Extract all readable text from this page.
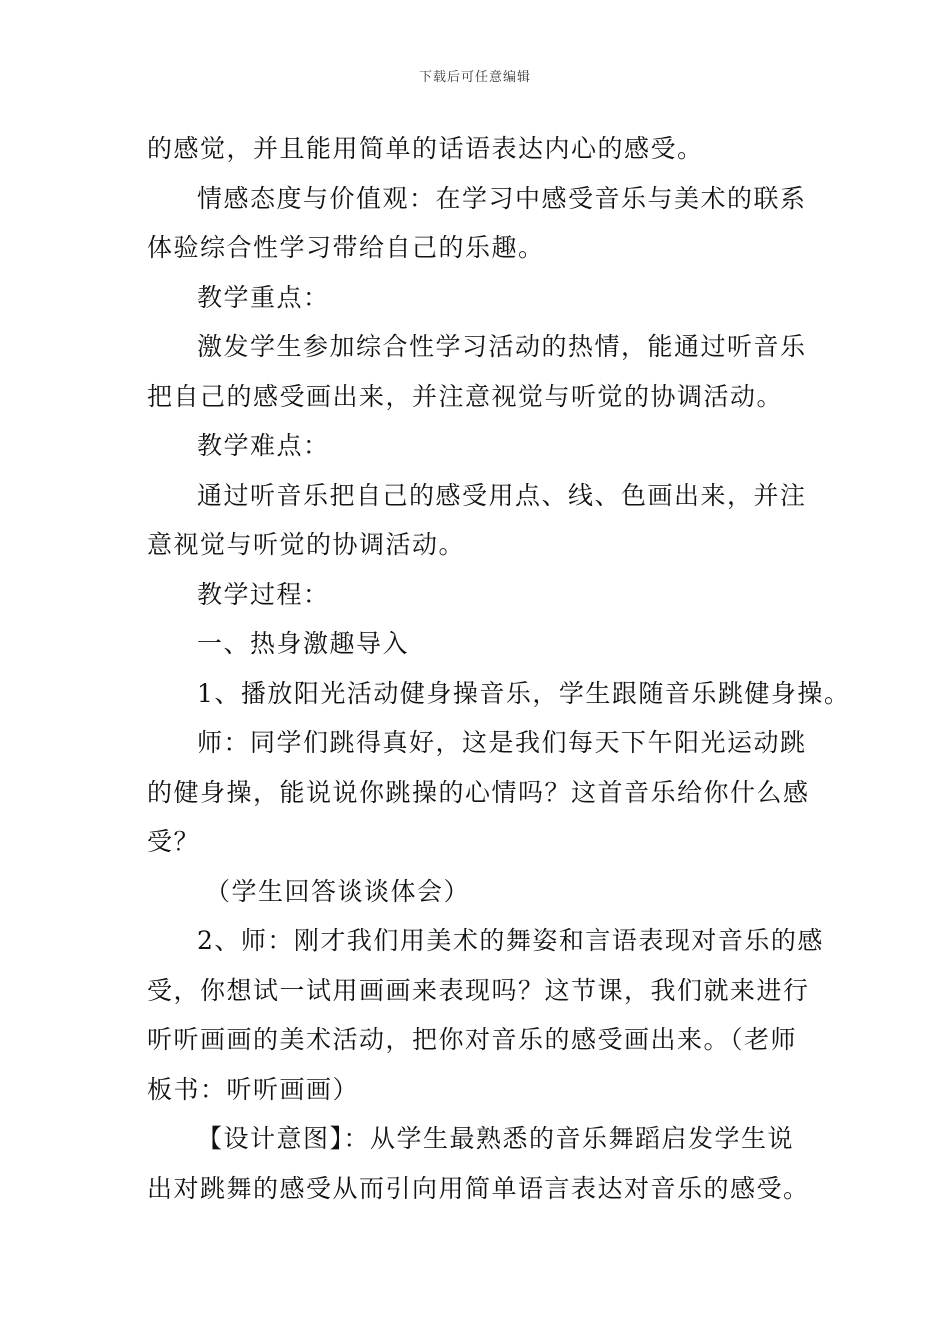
下载后可任意编辑
的感觉，并且能用简单的话语表达内心的感受。
情感态度与价值观：在学习中感受音乐与美术的联系
体验综合性学习带给自己的乐趣。
教学重点：
激发学生参加综合性学习活动的热情，能通过听音乐
把自己的感受画出来，并注意视觉与听觉的协调活动。
教学难点：
通过听音乐把自己的感受用点、线、色画出来，并注
意视觉与听觉的协调活动。
教学过程：
一、热身激趣导入
1、播放阳光活动健身操音乐，学生跟随音乐跳健身操。
师：同学们跳得真好，这是我们每天下午阳光运动跳
的健身操，能说说你跳操的心情吗？这首音乐给你什么感
受？
（学生回答谈谈体会）
2、师：刚才我们用美术的舞姿和言语表现对音乐的感
受，你想试一试用画画来表现吗？这节课，我们就来进行
听听画画的美术活动，把你对音乐的感受画出来。（老师
板书：听听画画）
【设计意图】：从学生最熟悉的音乐舞蹈启发学生说
出对跳舞的感受从而引向用简单语言表达对音乐的感受。
